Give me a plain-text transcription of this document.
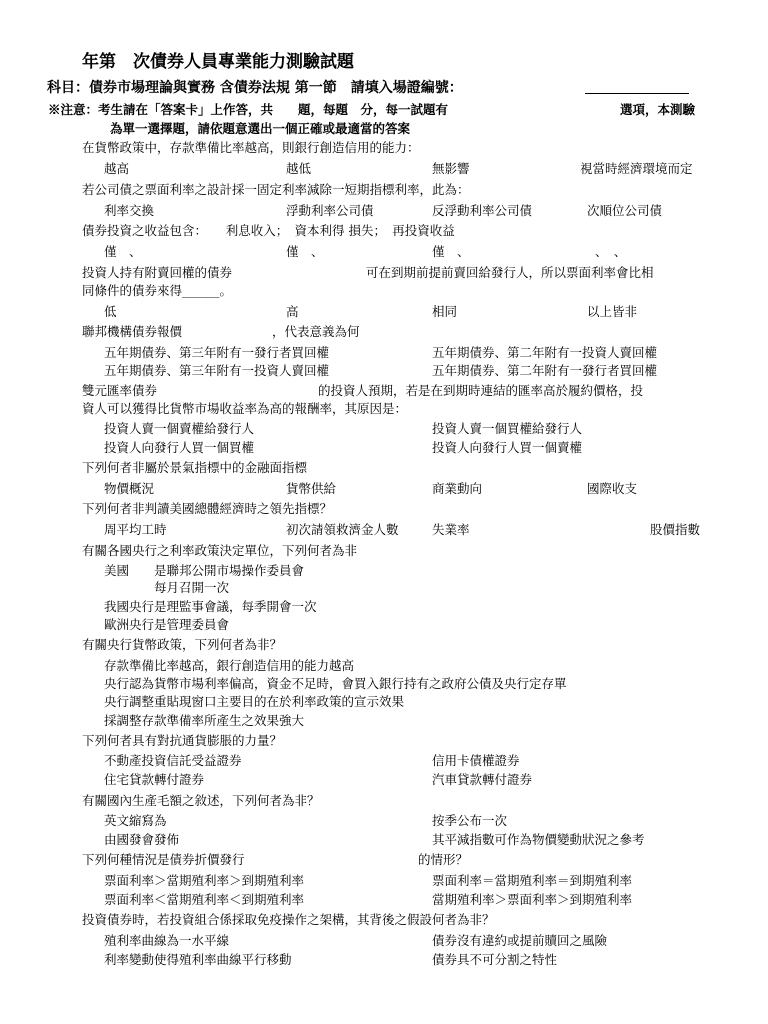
年第　次債券人員專業能力測驗試題
科目：債券市場理論與實務 含債券法規 第一節　請填入場證編號：
※注意：考生請在「答案卡」上作答，共　　題，每題　分，每一試題有	選項，本測驗
為單一選擇題，請依題意選出一個正確或最適當的答案
在貨幣政策中，存款準備比率越高，則銀行創造信用的能力：
越高	越低	無影響	視當時經濟環境而定
若公司債之票面利率之設計採一固定利率減除一短期指標利率，此為：
利率交換	浮動利率公司債	反浮動利率公司債	次順位公司債
債券投資之收益包含：　　利息收入；　資本利得 損失；　再投資收益
僅　、	僅　、	僅　、	、　、
投資人持有附賣回權的債券	可在到期前提前賣回給發行人，所以票面利率會比相
同條件的債券來得______。
低	高	相同	以上皆非
聯邦機構債券報價	，代表意義為何
五年期債券、第三年附有一發行者買回權	五年期債券、第二年附有一投資人賣回權
五年期債券、第三年附有一投資人賣回權	五年期債券、第二年附有一發行者買回權
雙元匯率債券	的投資人預期，若是在到期時連結的匯率高於履約價格，投
資人可以獲得比貨幣市場收益率為高的報酬率，其原因是：
投資人賣一個賣權給發行人	投資人賣一個買權給發行人
投資人向發行人買一個買權	投資人向發行人買一個賣權
下列何者非屬於景氣指標中的金融面指標
物價概況	貨幣供給	商業動向	國際收支
下列何者非判讀美國總體經濟時之領先指標？
周平均工時	初次請領救濟金人數	失業率	股價指數
有關各國央行之利率政策決定單位，下列何者為非
美國　　是聯邦公開市場操作委員會
每月召開一次
我國央行是理監事會議，每季開會一次
歐洲央行是管理委員會
有關央行貨幣政策，下列何者為非？
存款準備比率越高，銀行創造信用的能力越高
央行認為貨幣市場利率偏高，資金不足時，會買入銀行持有之政府公債及央行定存單
央行調整重貼現窗口主要目的在於利率政策的宣示效果
採調整存款準備率所產生之效果強大
下列何者具有對抗通貨膨脹的力量？
不動產投資信託受益證券	信用卡債權證券
住宅貸款轉付證券	汽車貸款轉付證券
有關國內生產毛額之敘述，下列何者為非？
英文縮寫為	按季公布一次
由國發會發佈	其平減指數可作為物價變動狀況之參考
下列何種情況是債券折價發行	的情形？
票面利率＞當期殖利率＞到期殖利率	票面利率＝當期殖利率＝到期殖利率
票面利率＜當期殖利率＜到期殖利率	當期殖利率＞票面利率＞到期殖利率
投資債券時，若投資組合係採取免疫操作之架構，其背後之假設何者為非？
殖利率曲線為一水平線	債券沒有違約或提前贖回之風險
利率變動使得殖利率曲線平行移動	債券具不可分割之特性
